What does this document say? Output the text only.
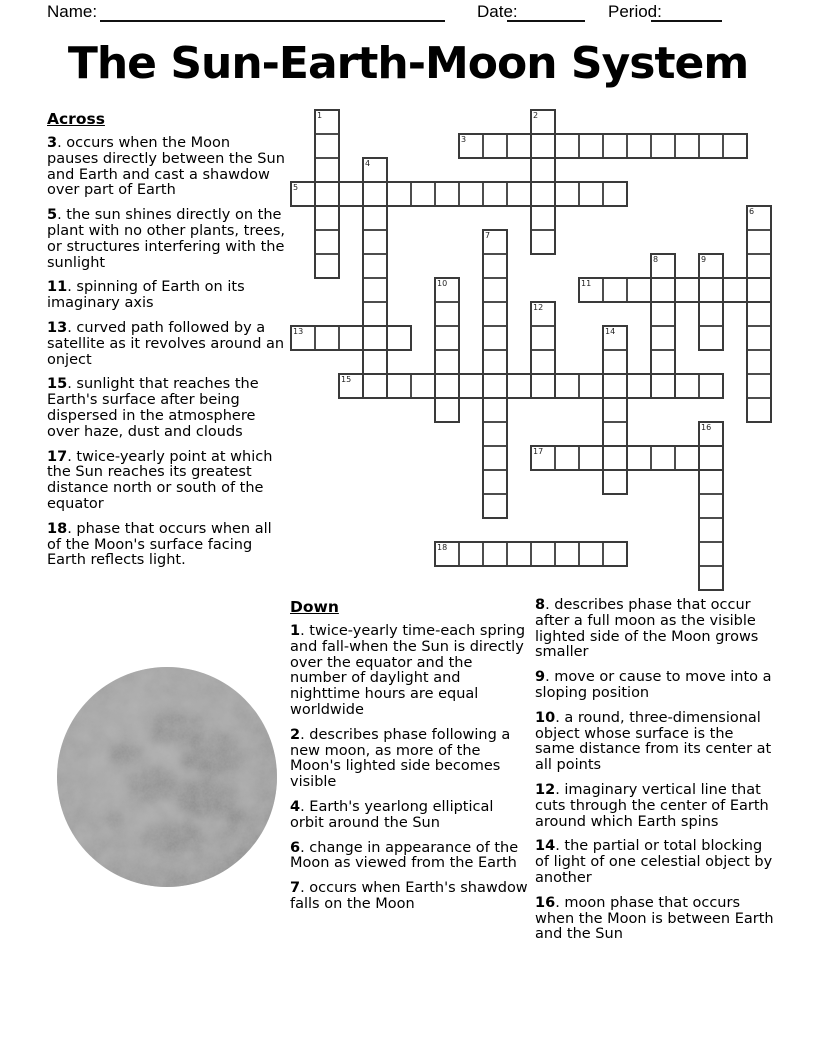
Name:	Date:	Period:
The Sun-Earth-Moon System
Across

3. occurs when the Moon pauses directly between the Sun and Earth and cast a shawdow over part of Earth

5. the sun shines directly on the plant with no other plants, trees, or structures interfering with the sunlight

11. spinning of Earth on its imaginary axis

13. curved path followed by a satellite as it revolves around an onject

15. sunlight that reaches the Earth's surface after being dispersed in the atmosphere over haze, dust and clouds

17. twice-yearly point at which the Sun reaches its greatest distance north or south of the equator

18. phase that occurs when all of the Moon's surface facing Earth reflects light.

1	2
3
4
5
6
7
8	9
10	11
12
13	14
15
16
17
18
Down

1. twice-yearly time-each spring and fall-when the Sun is directly over the equator and the number of daylight and nighttime hours are equal worldwide

2. describes phase following a new moon, as more of the Moon's lighted side becomes visible

4. Earth's yearlong elliptical orbit around the Sun

6. change in appearance of the Moon as viewed from the Earth

7. occurs when Earth's shawdow falls on the Moon

8. describes phase that occur after a full moon as the visible lighted side of the Moon grows smaller

9. move or cause to move into a sloping position

10. a round, three-dimensional object whose surface is the same distance from its center at all points

12. imaginary vertical line that cuts through the center of Earth around which Earth spins

14. the partial or total blocking of light of one celestial object by another

16. moon phase that occurs when the Moon is between Earth and the Sun
